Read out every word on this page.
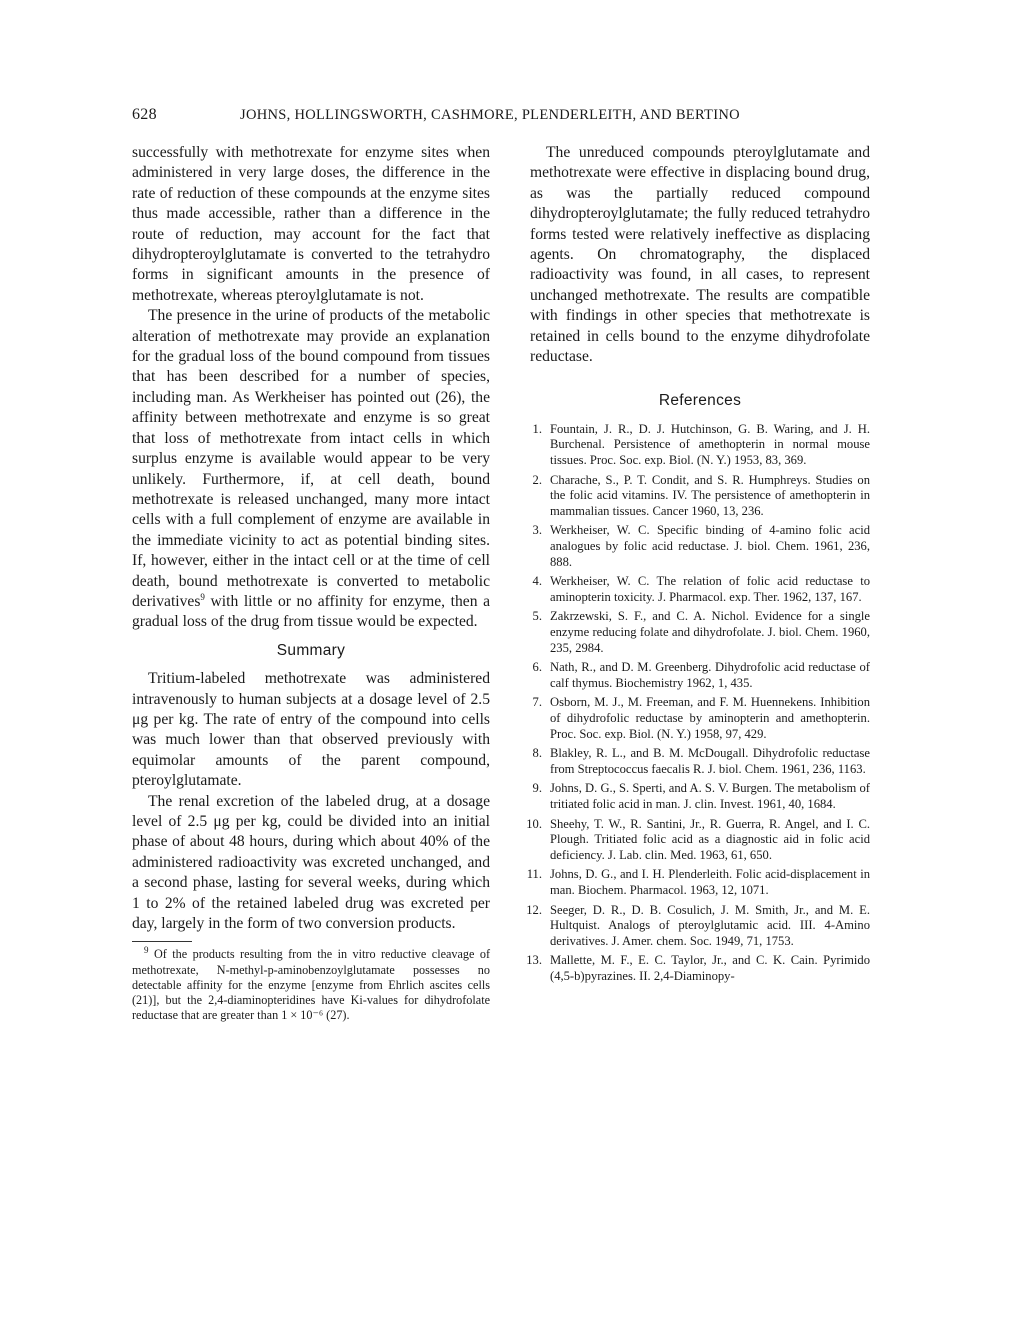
628	JOHNS, HOLLINGSWORTH, CASHMORE, PLENDERLEITH, AND BERTINO

successfully with methotrexate for enzyme sites when administered in very large doses, the difference in the rate of reduction of these compounds at the enzyme sites thus made accessible, rather than a difference in the route of reduction, may account for the fact that dihydropteroylglutamate is converted to the tetrahydro forms in significant amounts in the presence of methotrexate, whereas pteroylglutamate is not.

The presence in the urine of products of the metabolic alteration of methotrexate may provide an explanation for the gradual loss of the bound compound from tissues that has been described for a number of species, including man. As Werkheiser has pointed out (26), the affinity between methotrexate and enzyme is so great that loss of methotrexate from intact cells in which surplus enzyme is available would appear to be very unlikely. Furthermore, if, at cell death, bound methotrexate is released unchanged, many more intact cells with a full complement of enzyme are available in the immediate vicinity to act as potential binding sites. If, however, either in the intact cell or at the time of cell death, bound methotrexate is converted to metabolic derivatives$^9$ with little or no affinity for enzyme, then a gradual loss of the drug from tissue would be expected.

Summary

Tritium-labeled methotrexate was administered intravenously to human subjects at a dosage level of 2.5 μg per kg. The rate of entry of the compound into cells was much lower than that observed previously with equimolar amounts of the parent compound, pteroylglutamate.

The renal excretion of the labeled drug, at a dosage level of 2.5 μg per kg, could be divided into an initial phase of about 48 hours, during which about 40% of the administered radioactivity was excreted unchanged, and a second phase, lasting for several weeks, during which 1 to 2% of the retained labeled drug was excreted per day, largely in the form of two conversion products.

$^9$ Of the products resulting from the in vitro reductive cleavage of methotrexate, N-methyl-p-aminobenzoylglutamate possesses no detectable affinity for the enzyme [enzyme from Ehrlich ascites cells (21)], but the 2,4-diaminopteridines have Ki-values for dihydrofolate reductase that are greater than 1 × 10⁻⁶ (27).

The unreduced compounds pteroylglutamate and methotrexate were effective in displacing bound drug, as was the partially reduced compound dihydropteroylglutamate; the fully reduced tetrahydro forms tested were relatively ineffective as displacing agents. On chromatography, the displaced radioactivity was found, in all cases, to represent unchanged methotrexate. The results are compatible with findings in other species that methotrexate is retained in cells bound to the enzyme dihydrofolate reductase.

References
1. Fountain, J. R., D. J. Hutchinson, G. B. Waring, and J. H. Burchenal. Persistence of amethopterin in normal mouse tissues. Proc. Soc. exp. Biol. (N. Y.) 1953, 83, 369.
2. Charache, S., P. T. Condit, and S. R. Humphreys. Studies on the folic acid vitamins. IV. The persistence of amethopterin in mammalian tissues. Cancer 1960, 13, 236.
3. Werkheiser, W. C. Specific binding of 4-amino folic acid analogues by folic acid reductase. J. biol. Chem. 1961, 236, 888.
4. Werkheiser, W. C. The relation of folic acid reductase to aminopterin toxicity. J. Pharmacol. exp. Ther. 1962, 137, 167.
5. Zakrzewski, S. F., and C. A. Nichol. Evidence for a single enzyme reducing folate and dihydrofolate. J. biol. Chem. 1960, 235, 2984.
6. Nath, R., and D. M. Greenberg. Dihydrofolic acid reductase of calf thymus. Biochemistry 1962, 1, 435.
7. Osborn, M. J., M. Freeman, and F. M. Huennekens. Inhibition of dihydrofolic reductase by aminopterin and amethopterin. Proc. Soc. exp. Biol. (N. Y.) 1958, 97, 429.
8. Blakley, R. L., and B. M. McDougall. Dihydrofolic reductase from Streptococcus faecalis R. J. biol. Chem. 1961, 236, 1163.
9. Johns, D. G., S. Sperti, and A. S. V. Burgen. The metabolism of tritiated folic acid in man. J. clin. Invest. 1961, 40, 1684.
10. Sheehy, T. W., R. Santini, Jr., R. Guerra, R. Angel, and I. C. Plough. Tritiated folic acid as a diagnostic aid in folic acid deficiency. J. Lab. clin. Med. 1963, 61, 650.
11. Johns, D. G., and I. H. Plenderleith. Folic acid-displacement in man. Biochem. Pharmacol. 1963, 12, 1071.
12. Seeger, D. R., D. B. Cosulich, J. M. Smith, Jr., and M. E. Hultquist. Analogs of pteroylglutamic acid. III. 4-Amino derivatives. J. Amer. chem. Soc. 1949, 71, 1753.
13. Mallette, M. F., E. C. Taylor, Jr., and C. K. Cain. Pyrimido (4,5-b)pyrazines. II. 2,4-Diaminopy-
